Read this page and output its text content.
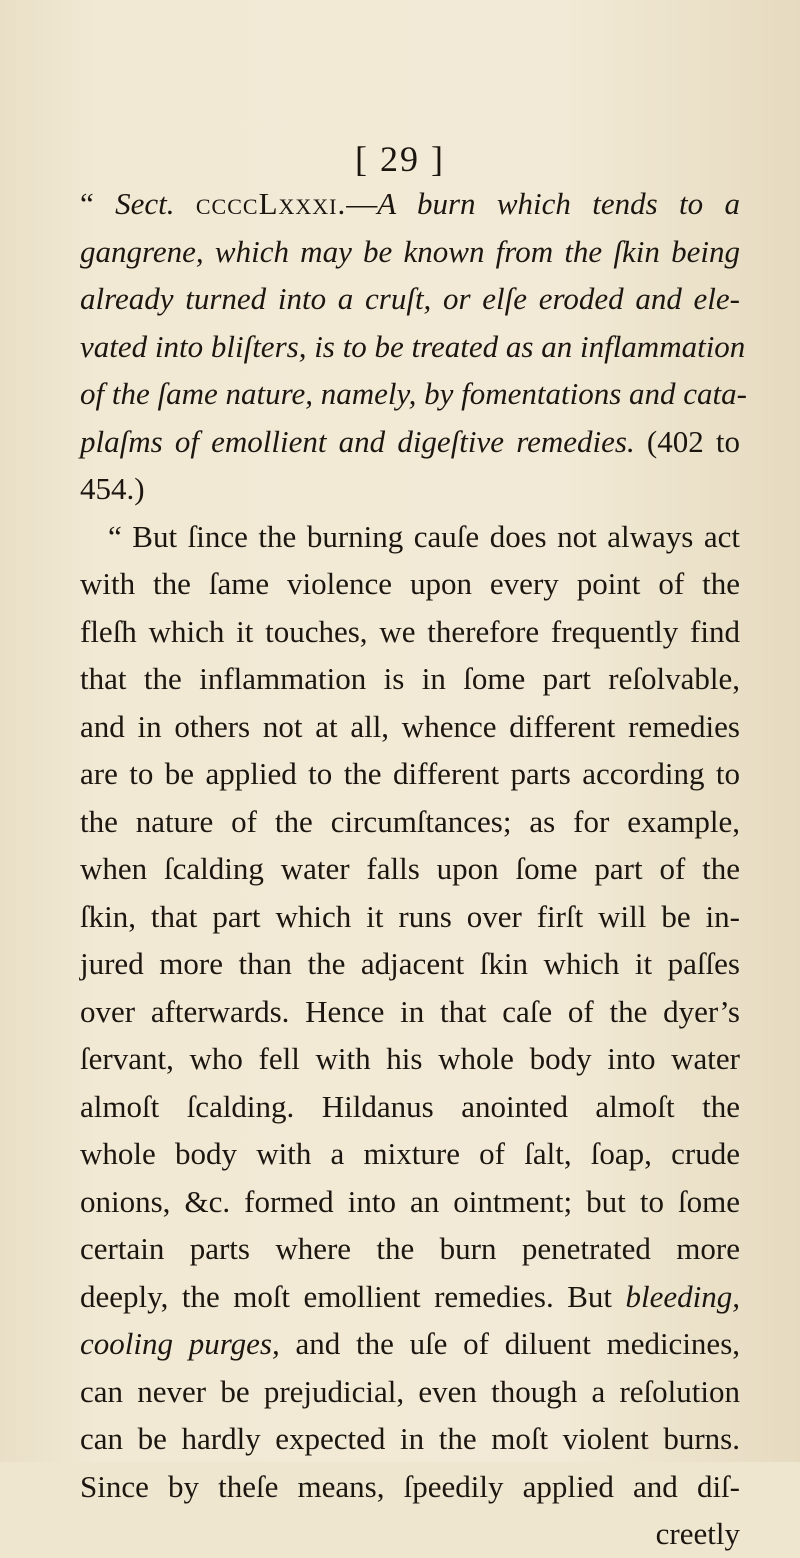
[ 29 ]
“ Sect. ccccLxxxi.—A burn which tends to a
gangrene, which may be known from the ſkin being
already turned into a cruſt, or elſe eroded and ele-
vated into bliſters, is to be treated as an inflammation
of the ſame nature, namely, by fomentations and cata-
plaſms of emollient and digeſtive remedies. (402 to
454.)
“ But ſince the burning cauſe does not always act
with the ſame violence upon every point of the
fleſh which it touches, we therefore frequently find
that the inflammation is in ſome part reſolvable,
and in others not at all, whence different remedies
are to be applied to the different parts according to
the nature of the circumſtances; as for example,
when ſcalding water falls upon ſome part of the
ſkin, that part which it runs over firſt will be in-
jured more than the adjacent ſkin which it paſſes
over afterwards. Hence in that caſe of the dyer’s
ſervant, who fell with his whole body into water
almoſt ſcalding. Hildanus anointed almoſt the
whole body with a mixture of ſalt, ſoap, crude
onions, &c. formed into an ointment; but to ſome
certain parts where the burn penetrated more
deeply, the moſt emollient remedies. But bleeding,
cooling purges, and the uſe of diluent medicines,
can never be prejudicial, even though a reſolution
can be hardly expected in the moſt violent burns.
Since by theſe means, ſpeedily applied and diſ-
creetly
